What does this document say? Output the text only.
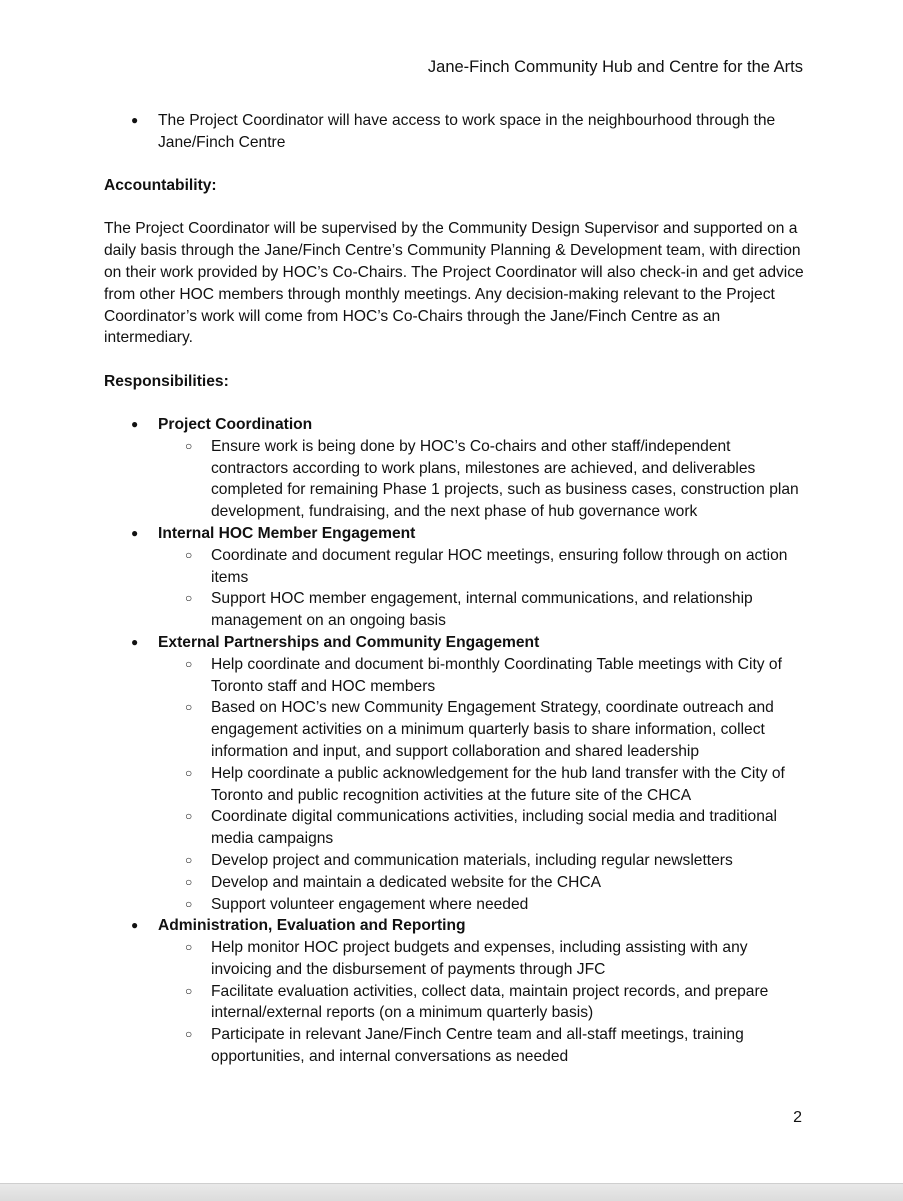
Jane-Finch Community Hub and Centre for the Arts
● The Project Coordinator will have access to work space in the neighbourhood through the Jane/Finch Centre

Accountability:

The Project Coordinator will be supervised by the Community Design Supervisor and supported on a daily basis through the Jane/Finch Centre’s Community Planning & Development team, with direction on their work provided by HOC’s Co-Chairs. The Project Coordinator will also check-in and get advice from other HOC members through monthly meetings. Any decision-making relevant to the Project Coordinator’s work will come from HOC’s Co-Chairs through the Jane/Finch Centre as an intermediary.

Responsibilities:

● Project Coordination
○ Ensure work is being done by HOC’s Co-chairs and other staff/independent contractors according to work plans, milestones are achieved, and deliverables completed for remaining Phase 1 projects, such as business cases, construction plan development, fundraising, and the next phase of hub governance work
● Internal HOC Member Engagement
○ Coordinate and document regular HOC meetings, ensuring follow through on action items
○ Support HOC member engagement, internal communications, and relationship management on an ongoing basis
● External Partnerships and Community Engagement
○ Help coordinate and document bi-monthly Coordinating Table meetings with City of Toronto staff and HOC members
○ Based on HOC’s new Community Engagement Strategy, coordinate outreach and engagement activities on a minimum quarterly basis to share information, collect information and input, and support collaboration and shared leadership
○ Help coordinate a public acknowledgement for the hub land transfer with the City of Toronto and public recognition activities at the future site of the CHCA
○ Coordinate digital communications activities, including social media and traditional media campaigns
○ Develop project and communication materials, including regular newsletters
○ Develop and maintain a dedicated website for the CHCA
○ Support volunteer engagement where needed
● Administration, Evaluation and Reporting
○ Help monitor HOC project budgets and expenses, including assisting with any invoicing and the disbursement of payments through JFC
○ Facilitate evaluation activities, collect data, maintain project records, and prepare internal/external reports (on a minimum quarterly basis)
○ Participate in relevant Jane/Finch Centre team and all-staff meetings, training opportunities, and internal conversations as needed
2
